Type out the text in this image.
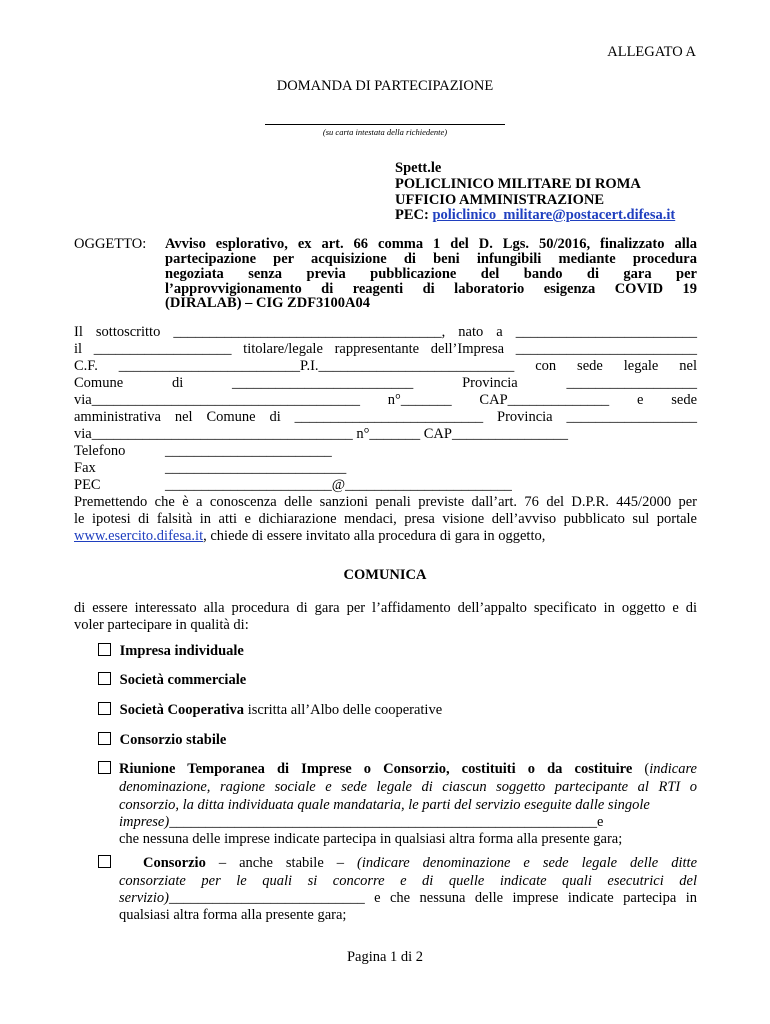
ALLEGATO A
DOMANDA DI PARTECIPAZIONE
(su carta intestata della richiedente)
Spett.le
POLICLINICO MILITARE DI ROMA
UFFICIO AMMINISTRAZIONE
PEC: policlinico_militare@postacert.difesa.it
OGGETTO: Avviso esplorativo, ex art. 66 comma 1 del D. Lgs. 50/2016, finalizzato alla
partecipazione per acquisizione di beni infungibili mediante procedura
negoziata senza previa pubblicazione del bando di gara per
l’approvvigionamento di reagenti di laboratorio esigenza COVID 19
(DIRALAB) – CIG ZDF3100A04
Il sottoscritto _____________________________________, nato a _________________________
il ___________________ titolare/legale rappresentante dell’Impresa _________________________
C.F. _________________________P.I.___________________________ con sede legale nel
Comune di _________________________ Provincia __________________
via_____________________________________ n°_______ CAP______________ e sede
amministrativa nel Comune di __________________________ Provincia __________________
via____________________________________ n°_______ CAP________________
Telefono	_______________________
Fax	_________________________
PEC	_______________________@_______________________
Premettendo che è a conoscenza delle sanzioni penali previste dall’art. 76 del D.P.R. 445/2000 per
le ipotesi di falsità in atti e dichiarazione mendaci, presa visione dell’avviso pubblicato sul portale
www.esercito.difesa.it, chiede di essere invitato alla procedura di gara in oggetto,
COMUNICA
di essere interessato alla procedura di gara per l’affidamento dell’appalto specificato in oggetto e di
voler partecipare in qualità di:
Impresa individuale
Società commerciale
Società Cooperativa iscritta all’Albo delle cooperative
Consorzio stabile
Riunione Temporanea di Imprese o Consorzio, costituiti o da costituire (indicare
denominazione, ragione sociale e sede legale di ciascun soggetto partecipante al RTI o
consorzio, la ditta individuata quale mandataria, le parti del servizio eseguite dalle singole
imprese)___________________________________________________________e
che nessuna delle imprese indicate partecipa in qualsiasi altra forma alla presente gara;
Consorzio – anche stabile – (indicare denominazione e sede legale delle ditte
consorziate per le quali si concorre e di quelle indicate quali esecutrici del
servizio)___________________________ e che nessuna delle imprese indicate partecipa in
qualsiasi altra forma alla presente gara;
Pagina 1 di 2
